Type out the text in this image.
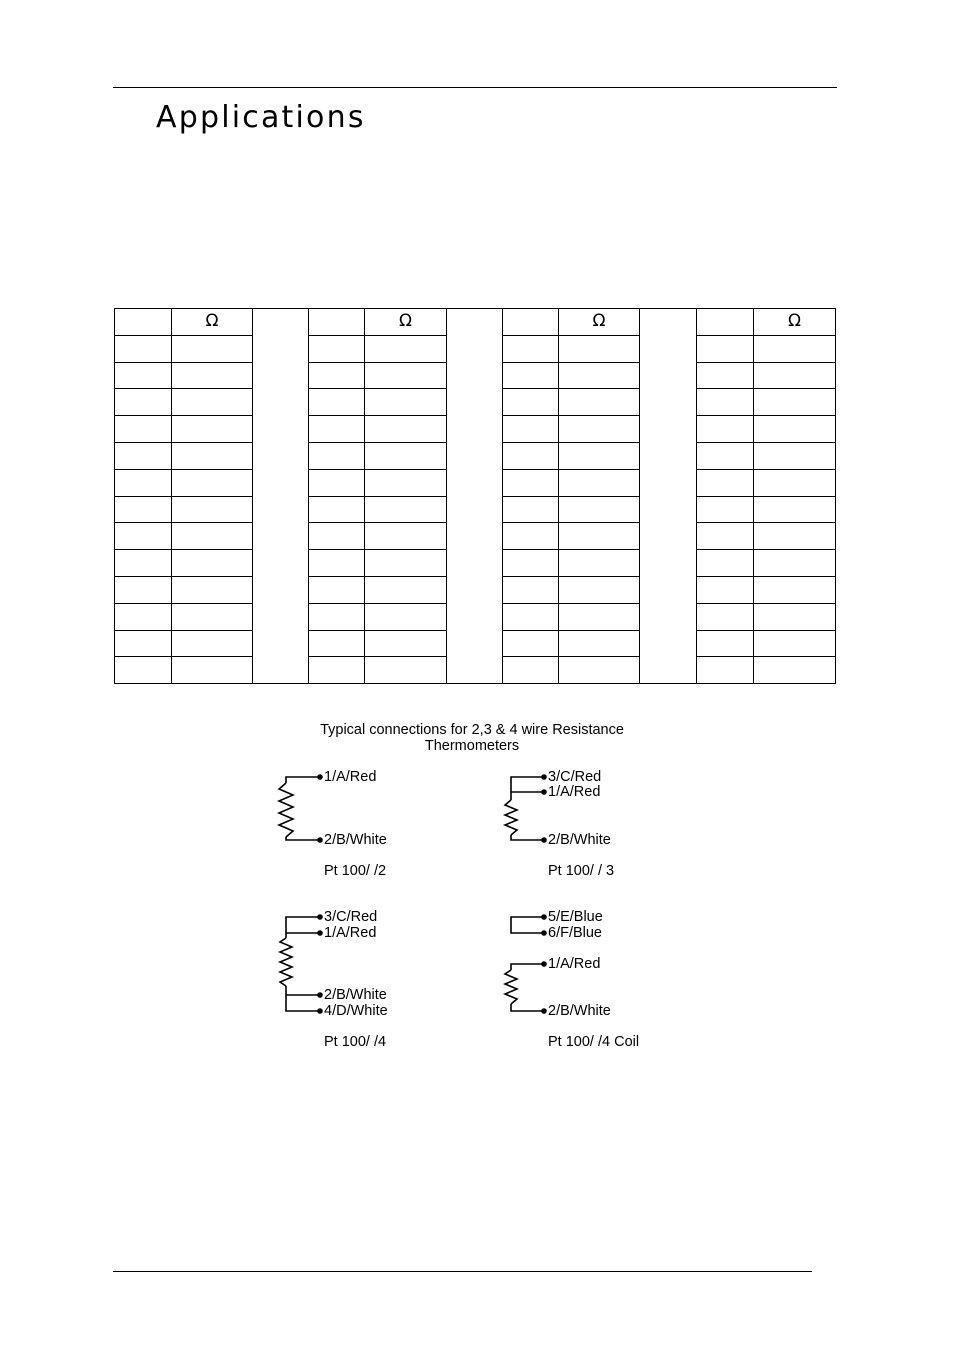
Applications
	Ω			Ω			Ω			Ω

Typical connections for 2,3 & 4 wire Resistance
Thermometers
1/A/Red
2/B/White
Pt 100/ /2
3/C/Red
1/A/Red
2/B/White
Pt 100/ / 3
3/C/Red
1/A/Red
2/B/White
4/D/White
Pt 100/ /4
5/E/Blue
6/F/Blue
1/A/Red
2/B/White
Pt 100/ /4 Coil
